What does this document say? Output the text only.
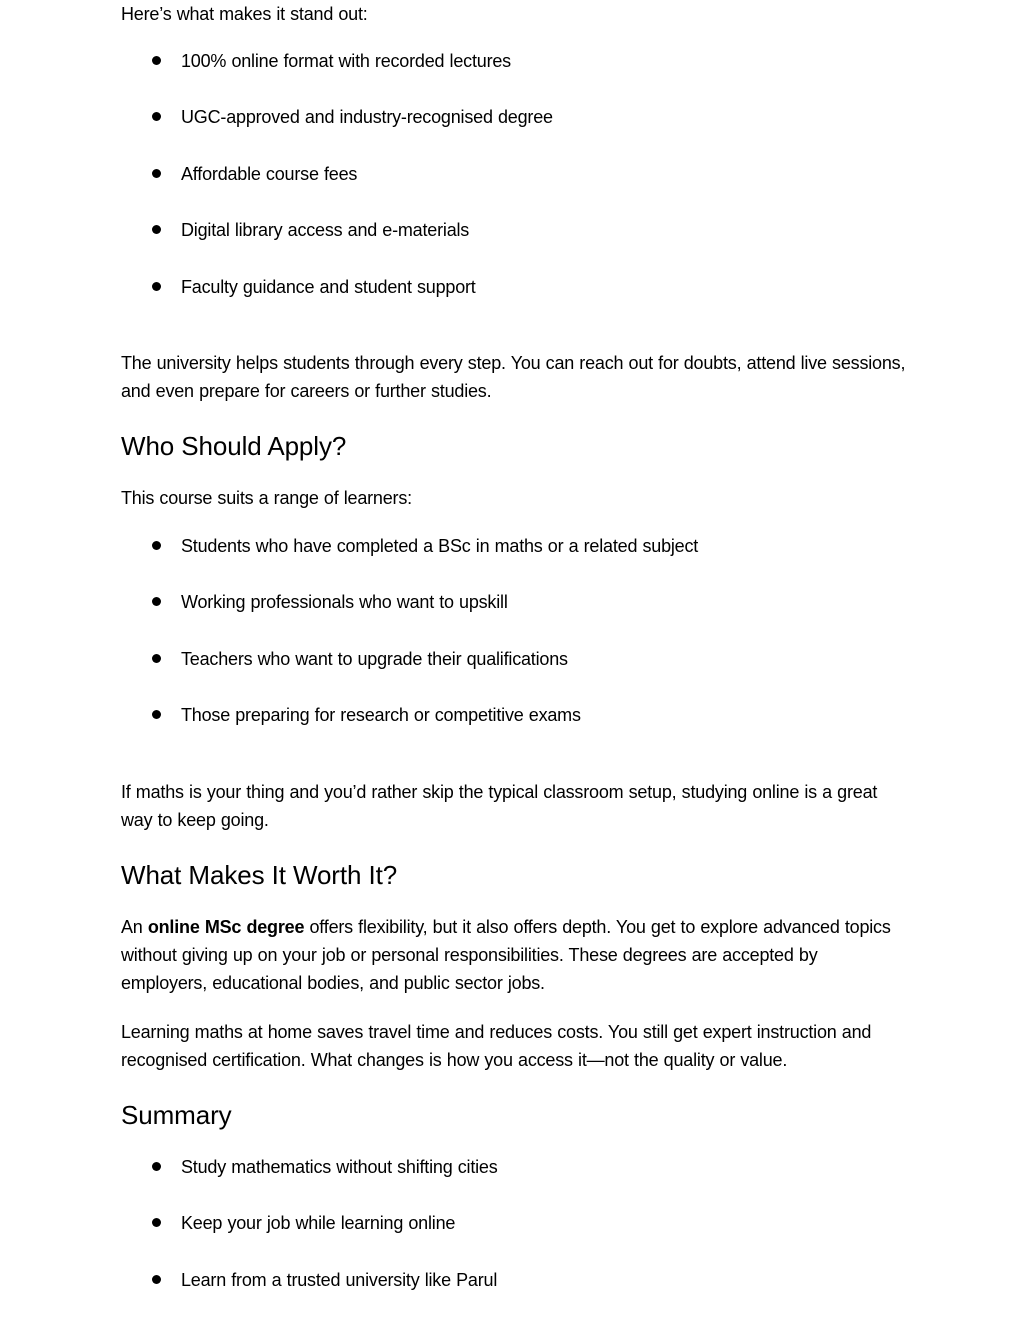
Here’s what makes it stand out:
100% online format with recorded lectures
UGC-approved and industry-recognised degree
Affordable course fees
Digital library access and e-materials
Faculty guidance and student support
The university helps students through every step. You can reach out for doubts, attend live sessions, and even prepare for careers or further studies.
Who Should Apply?
This course suits a range of learners:
Students who have completed a BSc in maths or a related subject
Working professionals who want to upskill
Teachers who want to upgrade their qualifications
Those preparing for research or competitive exams
If maths is your thing and you’d rather skip the typical classroom setup, studying online is a great way to keep going.
What Makes It Worth It?
An online MSc degree offers flexibility, but it also offers depth. You get to explore advanced topics without giving up on your job or personal responsibilities. These degrees are accepted by employers, educational bodies, and public sector jobs.
Learning maths at home saves travel time and reduces costs. You still get expert instruction and recognised certification. What changes is how you access it—not the quality or value.
Summary
Study mathematics without shifting cities
Keep your job while learning online
Learn from a trusted university like Parul
